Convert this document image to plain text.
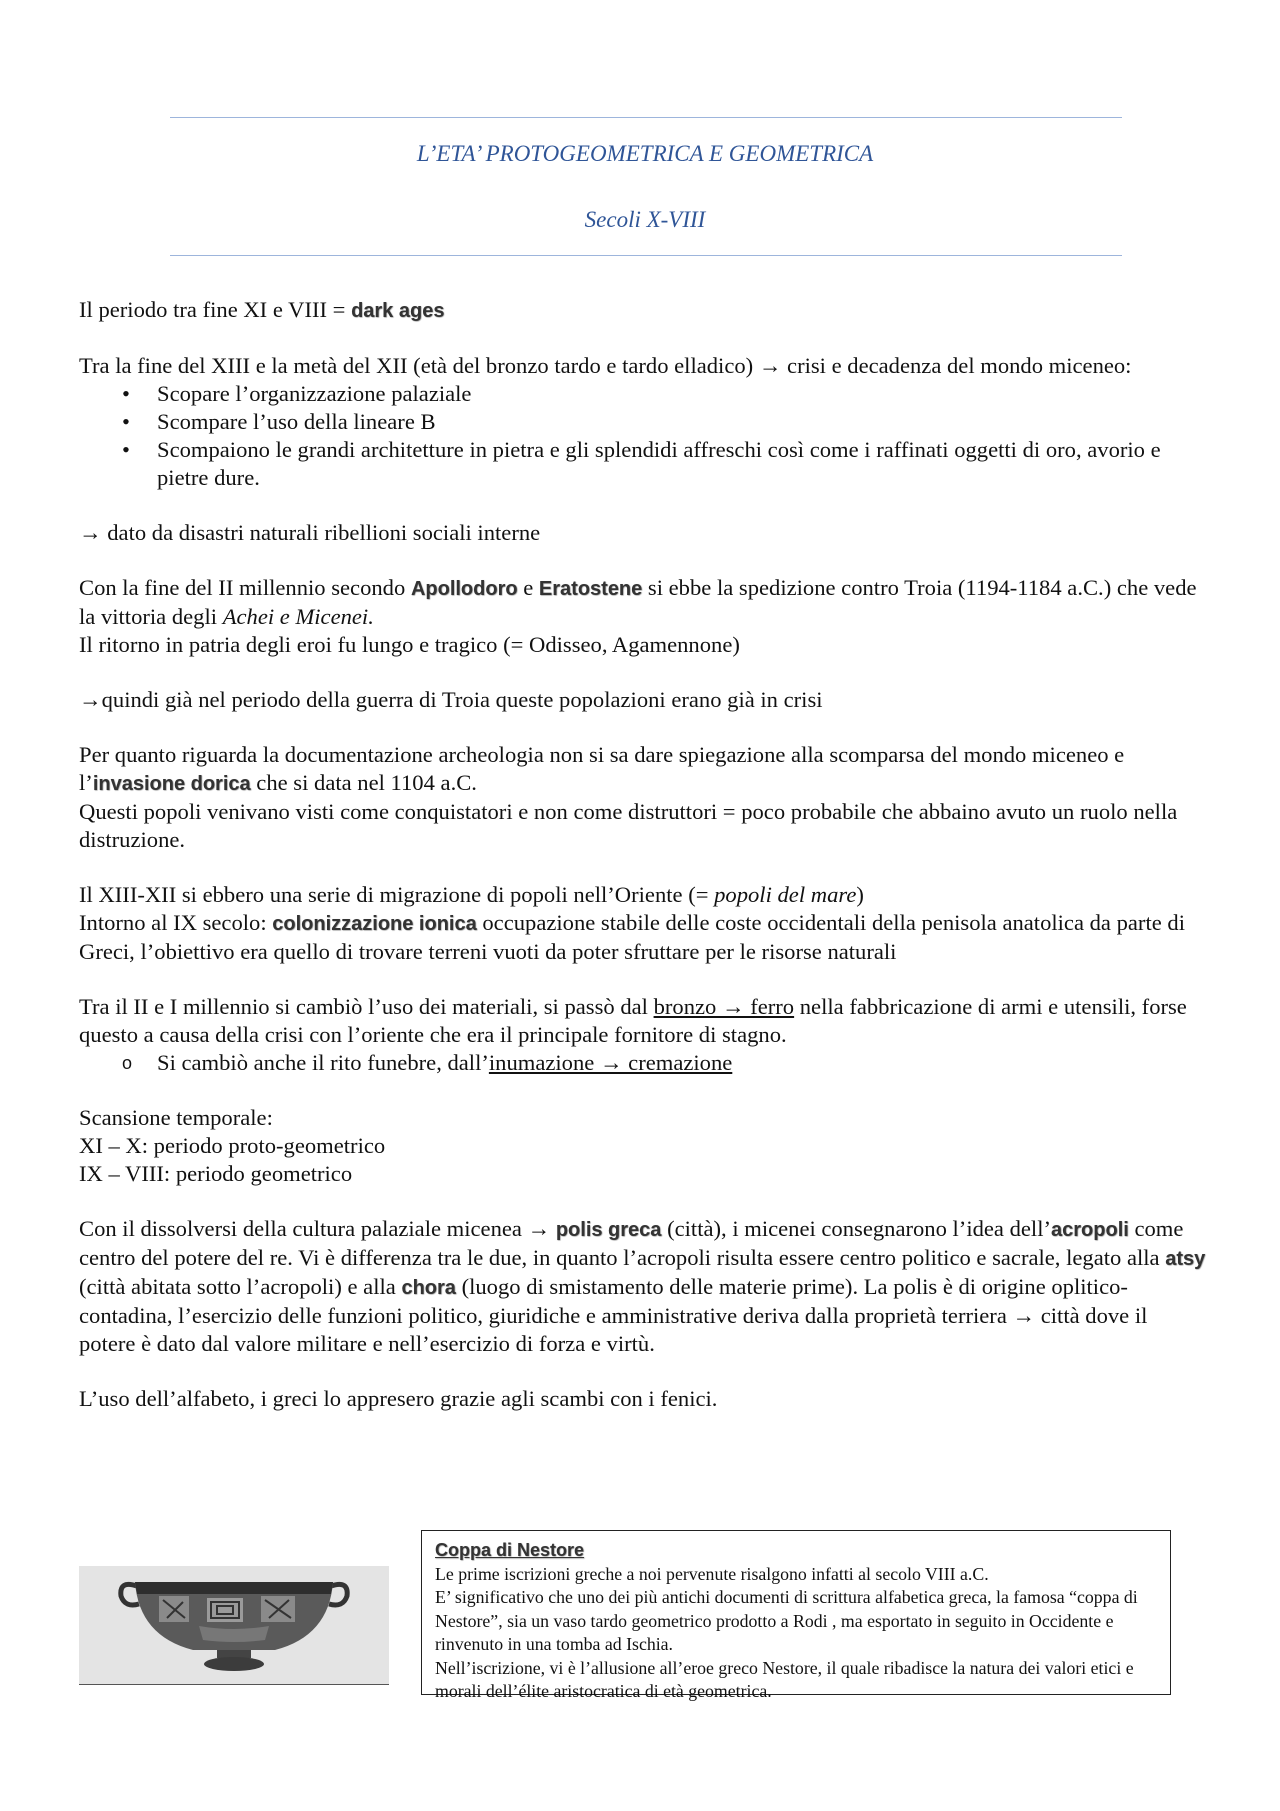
L’ETA’ PROTOGEOMETRICA E GEOMETRICA
Secoli X-VIII

Il periodo tra fine XI e VIII = dark ages

Tra la fine del XIII e la metà del XII (età del bronzo tardo e tardo elladico) → crisi e decadenza del mondo miceneo:

• Scopare l’organizzazione palaziale
• Scompare l’uso della lineare B
• Scompaiono le grandi architetture in pietra e gli splendidi affreschi così come i raffinati oggetti di oro, avorio e pietre dure.

→ dato da disastri naturali ribellioni sociali interne

Con la fine del II millennio secondo Apollodoro e Eratostene si ebbe la spedizione contro Troia (1194-1184 a.C.) che vede la vittoria degli Achei e Micenei.

Il ritorno in patria degli eroi fu lungo e tragico (= Odisseo, Agamennone)

→quindi già nel periodo della guerra di Troia queste popolazioni erano già in crisi

Per quanto riguarda la documentazione archeologia non si sa dare spiegazione alla scomparsa del mondo miceneo e l’invasione dorica che si data nel 1104 a.C.

Questi popoli venivano visti come conquistatori e non come distruttori = poco probabile che abbaino avuto un ruolo nella distruzione.

Il XIII-XII si ebbero una serie di migrazione di popoli nell’Oriente (= popoli del mare)

Intorno al IX secolo: colonizzazione ionica occupazione stabile delle coste occidentali della penisola anatolica da parte di Greci, l’obiettivo era quello di trovare terreni vuoti da poter sfruttare per le risorse naturali

Tra il II e I millennio si cambiò l’uso dei materiali, si passò dal bronzo → ferro nella fabbricazione di armi e utensili, forse questo a causa della crisi con l’oriente che era il principale fornitore di stagno.

o Si cambiò anche il rito funebre, dall’inumazione → cremazione

Scansione temporale:

XI – X: periodo proto-geometrico

IX – VIII: periodo geometrico

Con il dissolversi della cultura palaziale micenea → polis greca (città), i micenei consegnarono l’idea dell’acropoli come centro del potere del re. Vi è differenza tra le due, in quanto l’acropoli risulta essere centro politico e sacrale, legato alla atsy (città abitata sotto l’acropoli) e alla chora (luogo di smistamento delle materie prime). La polis è di origine oplitico-contadina, l’esercizio delle funzioni politico, giuridiche e amministrative deriva dalla proprietà terriera → città dove il potere è dato dal valore militare e nell’esercizio di forza e virtù.

L’uso dell’alfabeto, i greci lo appresero grazie agli scambi con i fenici.

Coppa di Nestore
Le prime iscrizioni greche a noi pervenute risalgono infatti al secolo VIII a.C.
E’ significativo che uno dei più antichi documenti di scrittura alfabetica greca, la famosa “coppa di Nestore”, sia un vaso tardo geometrico prodotto a Rodi , ma esportato in seguito in Occidente e rinvenuto in una tomba ad Ischia.
Nell’iscrizione, vi è l’allusione all’eroe greco Nestore, il quale ribadisce la natura dei valori etici e morali dell’élite aristocratica di età geometrica.
